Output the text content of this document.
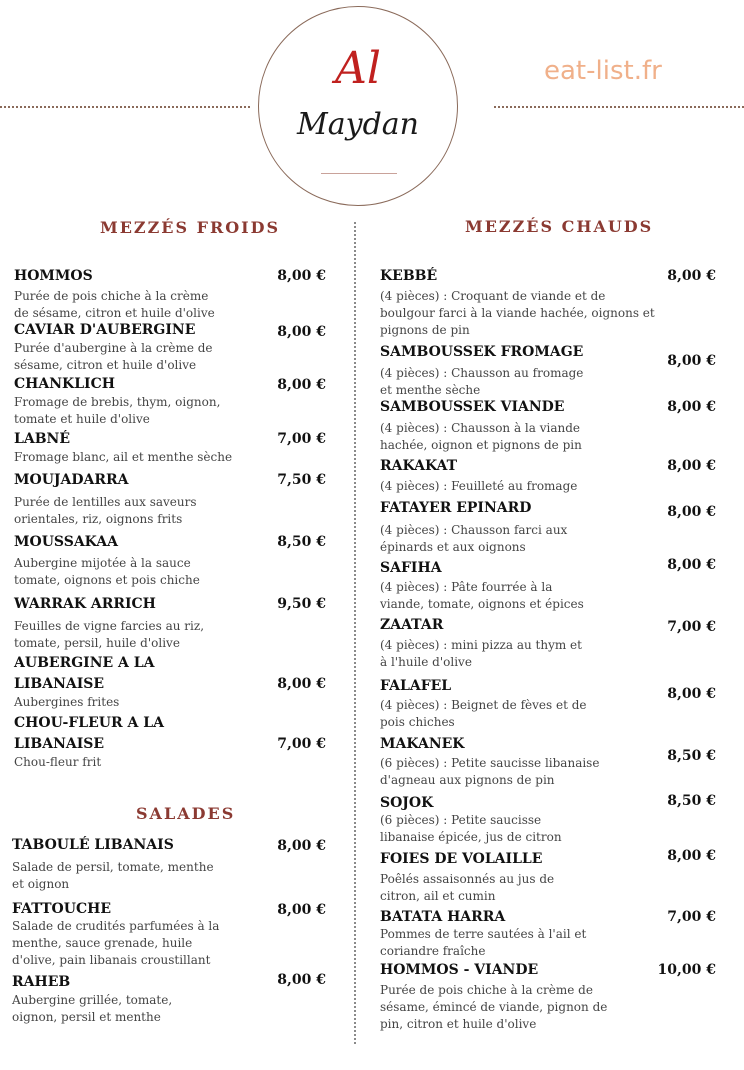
Al
Maydan
eat-list.fr
MEZZÉS FROIDS	MEZZÉS CHAUDS
SALADES
HOMMOS
Purée de pois chiche à la crème
de sésame, citron et huile d'olive
8,00 €
CAVIAR D'AUBERGINE
Purée d'aubergine à la crème de
sésame, citron et huile d'olive
8,00 €
CHANKLICH
Fromage de brebis, thym, oignon,
tomate et huile d'olive
8,00 €
LABNÉ
Fromage blanc, ail et menthe sèche
7,00 €
MOUJADARRA
Purée de lentilles aux saveurs
orientales, riz, oignons frits
7,50 €
MOUSSAKAA
Aubergine mijotée à la sauce
tomate, oignons et pois chiche
8,50 €
WARRAK ARRICH
Feuilles de vigne farcies au riz,
tomate, persil, huile d'olive
9,50 €
AUBERGINE A LA
LIBANAISE
Aubergines frites
8,00 €
CHOU-FLEUR A LA
LIBANAISE
Chou-fleur frit
7,00 €
TABOULÉ LIBANAIS
Salade de persil, tomate, menthe
et oignon
8,00 €
FATTOUCHE
Salade de crudités parfumées à la
menthe, sauce grenade, huile
d'olive, pain libanais croustillant
8,00 €
RAHEB
Aubergine grillée, tomate,
oignon, persil et menthe
8,00 €
KEBBÉ
(4 pièces) : Croquant de viande et de
boulgour farci à la viande hachée, oignons et
pignons de pin
8,00 €
SAMBOUSSEK FROMAGE
(4 pièces) : Chausson au fromage
et menthe sèche
8,00 €
SAMBOUSSEK VIANDE
(4 pièces) : Chausson à la viande
hachée, oignon et pignons de pin
8,00 €
RAKAKAT
(4 pièces) : Feuilleté au fromage
8,00 €
FATAYER EPINARD
(4 pièces) : Chausson farci aux
épinards et aux oignons
8,00 €
SAFIHA
(4 pièces) : Pâte fourrée à la
viande, tomate, oignons et épices
8,00 €
ZAATAR
(4 pièces) : mini pizza au thym et
à l'huile d'olive
7,00 €
FALAFEL
(4 pièces) : Beignet de fèves et de
pois chiches
8,00 €
MAKANEK
(6 pièces) : Petite saucisse libanaise
d'agneau aux pignons de pin
8,50 €
SOJOK
(6 pièces) : Petite saucisse
libanaise épicée, jus de citron
8,50 €
FOIES DE VOLAILLE
Poêlés assaisonnés au jus de
citron, ail et cumin
8,00 €
BATATA HARRA
Pommes de terre sautées à l'ail et
coriandre fraîche
7,00 €
HOMMOS - VIANDE
Purée de pois chiche à la crème de
sésame, émincé de viande, pignon de
pin, citron et huile d'olive
10,00 €
